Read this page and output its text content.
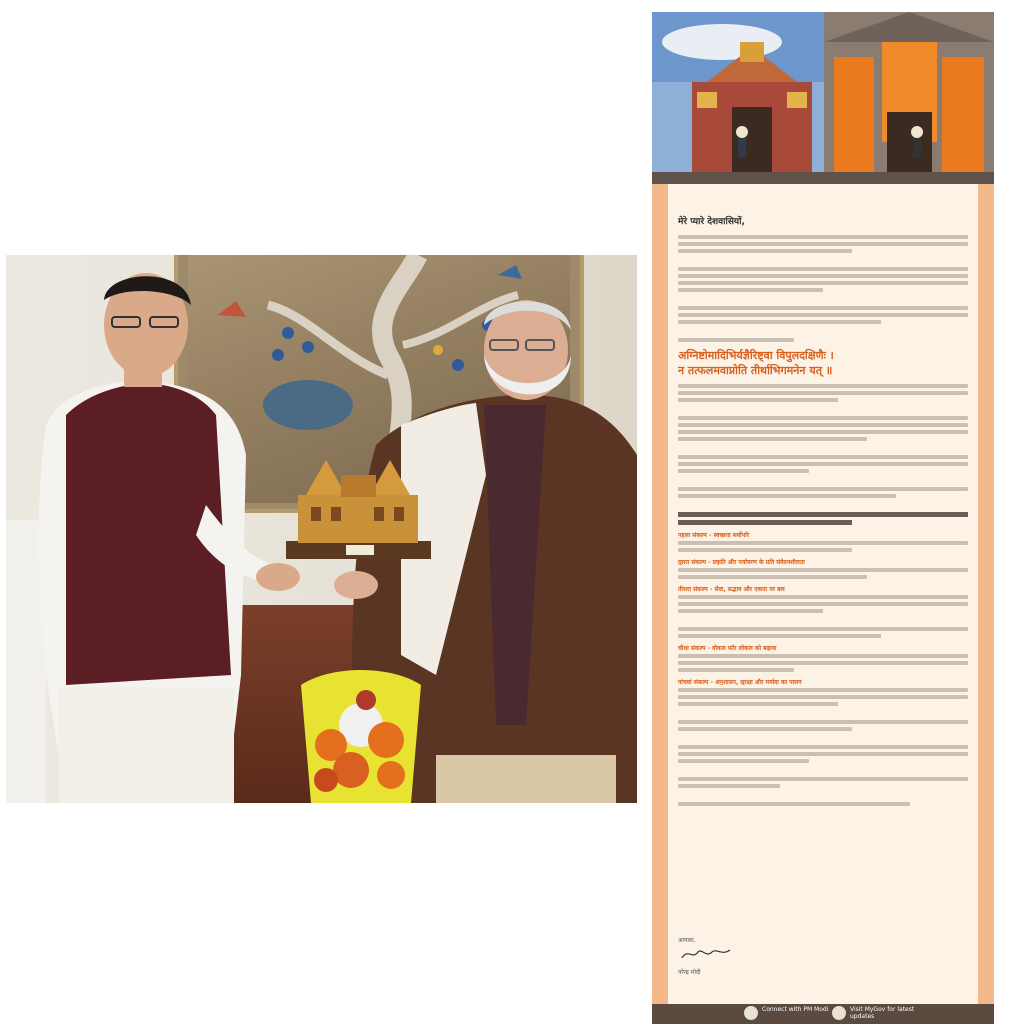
मेरे प्यारे देशवासियों,

अग्निष्टोमादिभिर्यज्ञैरिष्ट्वा विपुलदक्षिणैः ।
न तत्फलमवाप्नोति तीर्थाभिगमनेन यत् ॥
पहला संकल्प - स्वच्छता सर्वोपरि
दूसरा संकल्प - प्रकृति और पर्यावरण के प्रति संवेदनशीलता
तीसरा संकल्प - सेवा, सद्भाव और एकता पर बल
चौथा संकल्प - वोकल फॉर लोकल को बढ़ावा
पांचवां संकल्प - अनुशासन, सुरक्षा और मर्यादा का पालन
आपका,
नरेन्द्र मोदी
Connect with PM Modi	Visit MyGov for latest updates
